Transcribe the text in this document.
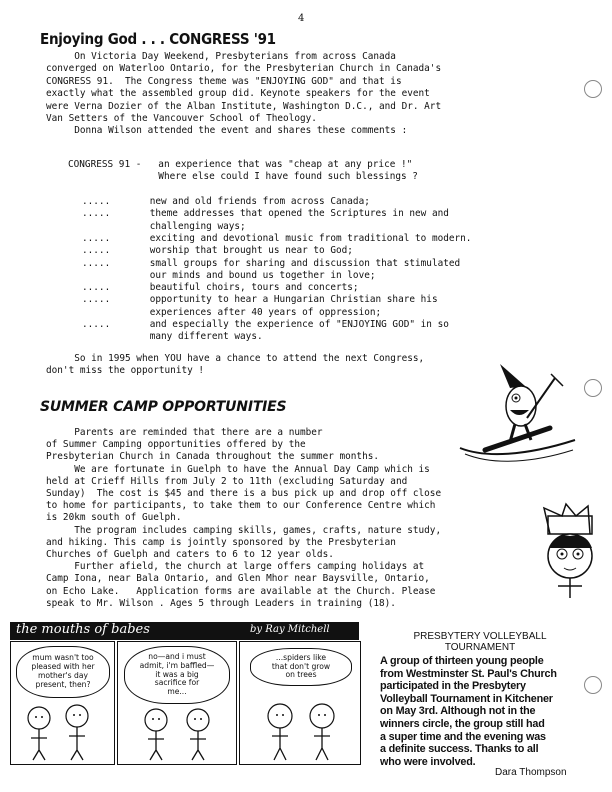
4
Enjoying God . . . CONGRESS '91

On Victoria Day Weekend, Presbyterians from across Canada

converged on Waterloo Ontario, for the Presbyterian Church in Canada's

CONGRESS 91.  The Congress theme was "ENJOYING GOD" and that is

exactly what the assembled group did. Keynote speakers for the event

were Verna Dozier of the Alban Institute, Washington D.C., and Dr. Art

Van Setters of the Vancouver School of Theology.

Donna Wilson attended the event and shares these comments :

CONGRESS 91 -   an experience that was "cheap at any price !"

Where else could I have found such blessings ?

.....       new and old friends from across Canada;

.....       theme addresses that opened the Scriptures in new and

challenging ways;

.....       exciting and devotional music from traditional to modern.

.....       worship that brought us near to God;

.....       small groups for sharing and discussion that stimulated

our minds and bound us together in love;

.....       beautiful choirs, tours and concerts;

.....       opportunity to hear a Hungarian Christian share his

experiences after 40 years of oppression;

.....       and especially the experience of "ENJOYING GOD" in so

many different ways.

So in 1995 when YOU have a chance to attend the next Congress,

don't miss the opportunity !

SUMMER CAMP OPPORTUNITIES

Parents are reminded that there are a number

of Summer Camping opportunities offered by the

Presbyterian Church in Canada throughout the summer months.

We are fortunate in Guelph to have the Annual Day Camp which is

held at Crieff Hills from July 2 to 11th (excluding Saturday and

Sunday)  The cost is $45 and there is a bus pick up and drop off close

to home for participants, to take them to our Conference Centre which

is 20km south of Guelph.

The program includes camping skills, games, crafts, nature study,

and hiking. This camp is jointly sponsored by the Presbyterian

Churches of Guelph and caters to 6 to 12 year olds.

Further afield, the church at large offers camping holidays at

Camp Iona, near Bala Ontario, and Glen Mhor near Baysville, Ontario,

on Echo Lake.   Application forms are available at the Church. Please

speak to Mr. Wilson . Ages 5 through Leaders in training (18).

the mouths of babes	by Ray Mitchell
mum wasn't too
pleased with her
mother's day
present, then?
no—and i must
admit, i'm baffled—
it was a big
sacrifice for
me...
...spiders like
that don't grow
on trees
PRESBYTERY VOLLEYBALL
TOURNAMENT
A group of thirteen young people
from Westminster St. Paul's Church
participated in the Presbytery
Volleyball Tournament in Kitchener
on May 3rd. Although not in the
winners circle, the group still had
a super time and the evening was
a definite success. Thanks to all
who were involved.
Dara Thompson
